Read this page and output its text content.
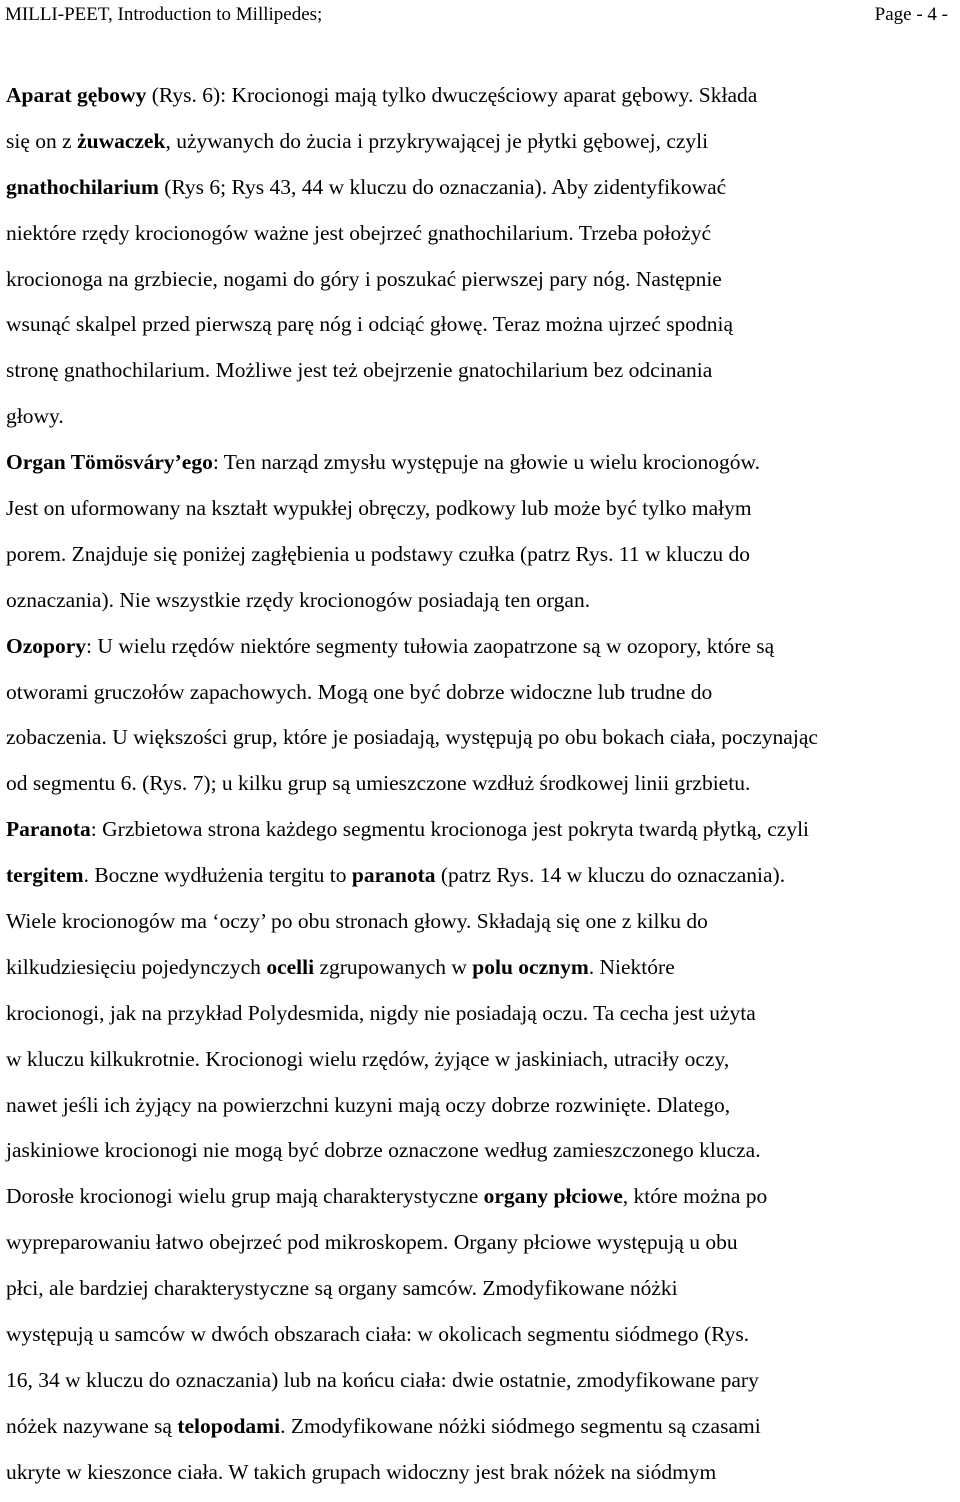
MILLI-PEET, Introduction to Millipedes;	Page - 4 -
Aparat gębowy (Rys. 6): Krocionogi mają tylko dwuczęściowy aparat gębowy. Składa
się on z żuwaczek, używanych do żucia i przykrywającej je płytki gębowej, czyli
gnathochilarium (Rys 6; Rys 43, 44 w kluczu do oznaczania). Aby zidentyfikować
niektóre rzędy krocionogów ważne jest obejrzeć gnathochilarium. Trzeba położyć
krocionoga na grzbiecie, nogami do góry i poszukać pierwszej pary nóg. Następnie
wsunąć skalpel przed pierwszą parę nóg i odciąć głowę. Teraz można ujrzeć spodnią
stronę gnathochilarium. Możliwe jest też obejrzenie gnatochilarium bez odcinania
głowy.
Organ Tömösváry’ego: Ten narząd zmysłu występuje na głowie u wielu krocionogów.
Jest on uformowany na kształt wypukłej obręczy, podkowy lub może być tylko małym
porem. Znajduje się poniżej zagłębienia u podstawy czułka (patrz Rys. 11 w kluczu do
oznaczania). Nie wszystkie rzędy krocionogów posiadają ten organ.
Ozopory: U wielu rzędów niektóre segmenty tułowia zaopatrzone są w ozopory, które są
otworami gruczołów zapachowych. Mogą one być dobrze widoczne lub trudne do
zobaczenia. U większości grup, które je posiadają, występują po obu bokach ciała, poczynając
od segmentu 6. (Rys. 7); u kilku grup są umieszczone wzdłuż środkowej linii grzbietu.
Paranota: Grzbietowa strona każdego segmentu krocionoga jest pokryta twardą płytką, czyli
tergitem. Boczne wydłużenia tergitu to paranota (patrz Rys. 14 w kluczu do oznaczania).
Wiele krocionogów ma ‘oczy’ po obu stronach głowy. Składają się one z kilku do
kilkudziesięciu pojedynczych ocelli zgrupowanych w polu ocznym. Niektóre
krocionogi, jak na przykład Polydesmida, nigdy nie posiadają oczu. Ta cecha jest użyta
w kluczu kilkukrotnie. Krocionogi wielu rzędów, żyjące w jaskiniach, utraciły oczy,
nawet jeśli ich żyjący na powierzchni kuzyni mają oczy dobrze rozwinięte. Dlatego,
jaskiniowe krocionogi nie mogą być dobrze oznaczone według zamieszczonego klucza.
Dorosłe krocionogi wielu grup mają charakterystyczne organy płciowe, które można po
wypreparowaniu łatwo obejrzeć pod mikroskopem. Organy płciowe występują u obu
płci, ale bardziej charakterystyczne są organy samców. Zmodyfikowane nóżki
występują u samców w dwóch obszarach ciała: w okolicach segmentu siódmego (Rys.
16, 34 w kluczu do oznaczania) lub na końcu ciała: dwie ostatnie, zmodyfikowane pary
nóżek nazywane są telopodami. Zmodyfikowane nóżki siódmego segmentu są czasami
ukryte w kieszonce ciała. W takich grupach widoczny jest brak nóżek na siódmym
